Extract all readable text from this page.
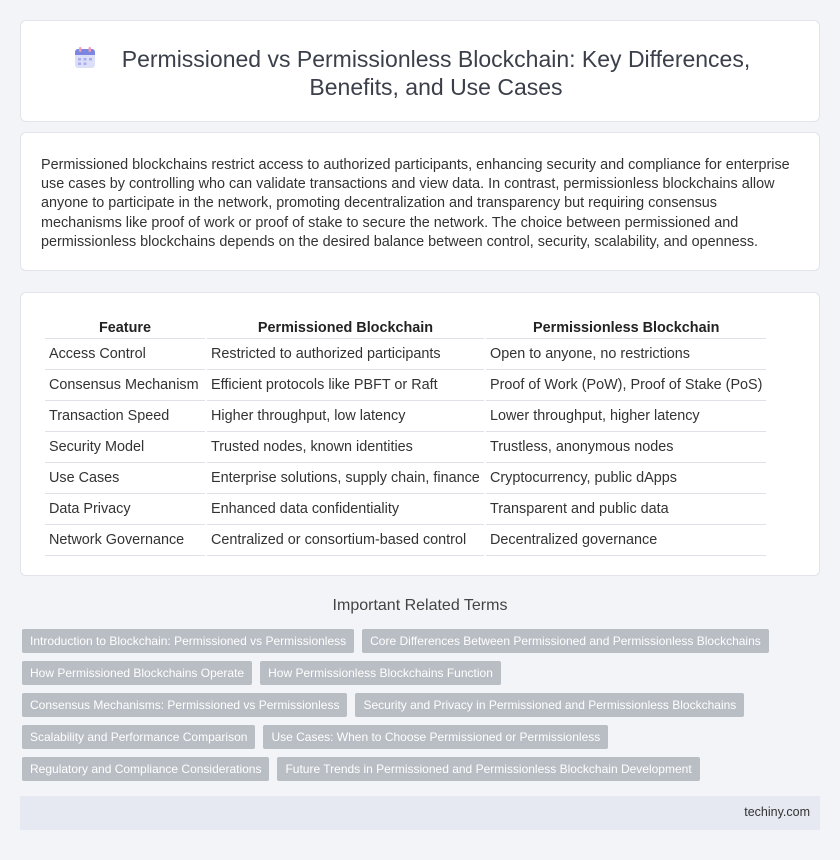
Permissioned vs Permissionless Blockchain: Key Differences, Benefits, and Use Cases

Permissioned blockchains restrict access to authorized participants, enhancing security and compliance for enterprise use cases by controlling who can validate transactions and view data. In contrast, permissionless blockchains allow anyone to participate in the network, promoting decentralization and transparency but requiring consensus mechanisms like proof of work or proof of stake to secure the network. The choice between permissioned and permissionless blockchains depends on the desired balance between control, security, scalability, and openness.

Feature	Permissioned Blockchain	Permissionless Blockchain
Access Control	Restricted to authorized participants	Open to anyone, no restrictions
Consensus Mechanism	Efficient protocols like PBFT or Raft	Proof of Work (PoW), Proof of Stake (PoS)
Transaction Speed	Higher throughput, low latency	Lower throughput, higher latency
Security Model	Trusted nodes, known identities	Trustless, anonymous nodes
Use Cases	Enterprise solutions, supply chain, finance	Cryptocurrency, public dApps
Data Privacy	Enhanced data confidentiality	Transparent and public data
Network Governance	Centralized or consortium-based control	Decentralized governance
Important Related Terms
Introduction to Blockchain: Permissioned vs Permissionless	Core Differences Between Permissioned and Permissionless Blockchains
How Permissioned Blockchains Operate	How Permissionless Blockchains Function
Consensus Mechanisms: Permissioned vs Permissionless	Security and Privacy in Permissioned and Permissionless Blockchains
Scalability and Performance Comparison	Use Cases: When to Choose Permissioned or Permissionless
Regulatory and Compliance Considerations	Future Trends in Permissioned and Permissionless Blockchain Development
techiny.com
